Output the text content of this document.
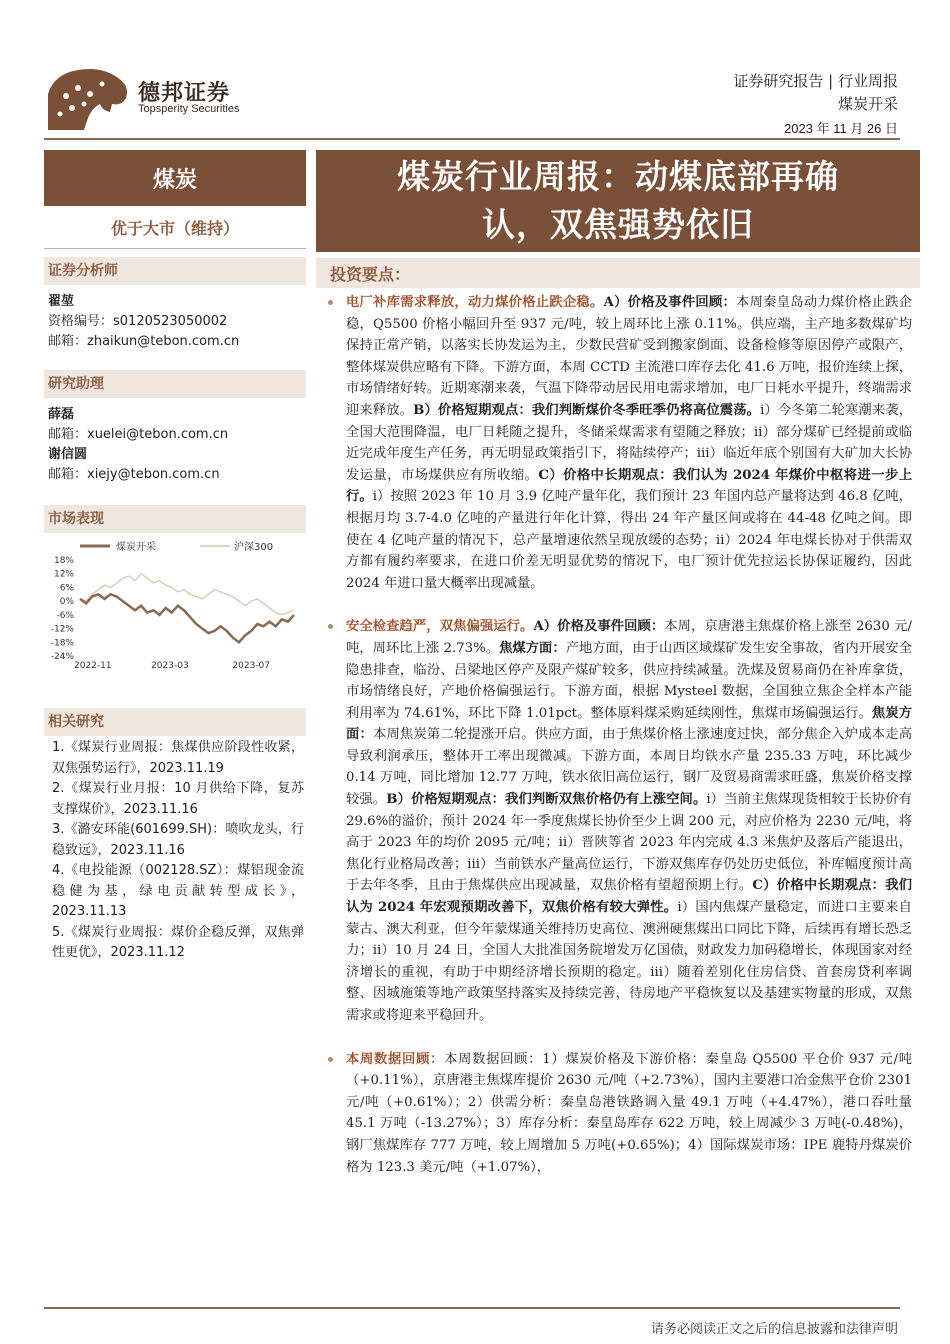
德邦证券
Topsperity Securities
证券研究报告 | 行业周报
煤炭开采
2023 年 11 月 26 日
煤炭
优于大市（维持）
证券分析师
翟堃
资格编号：s0120523050002
邮箱：zhaikun@tebon.com.cn
研究助理
薛磊
邮箱：xuelei@tebon.com.cn
谢信圆
邮箱：xiejy@tebon.com.cn
市场表现
煤炭开采	沪深300
18%
12%
6%
0%
-6%
-12%
-18%
-24%
2022-11	2023-03	2023-07
相关研究
1.《煤炭行业周报：焦煤供应阶段性收紧，双焦强势运行》，2023.11.19
2.《煤炭行业月报：10 月供给下降，复苏支撑煤价》，2023.11.16
3.《潞安环能(601699.SH)：喷吹龙头，行稳致远》，2023.11.16
4.《电投能源（002128.SZ）：煤铝现金流稳健为基，绿电贡献转型成长》，2023.11.13
5.《煤炭行业周报：煤价企稳反弹，双焦弹性更优》，2023.11.12
煤炭行业周报：动煤底部再确
认，双焦强势依旧
投资要点：
电厂补库需求释放，动力煤价格止跌企稳。A）价格及事件回顾：本周秦皇岛动力煤价格止跌企稳，Q5500 价格小幅回升至 937 元/吨，较上周环比上涨 0.11%。供应端，主产地多数煤矿均保持正常产销，以落实长协发运为主，少数民营矿受到搬家倒面、设备检修等原因停产或限产，整体煤炭供应略有下降。下游方面，本周 CCTD 主流港口库存去化 41.6 万吨，报价连续上探，市场情绪好转。近期寒潮来袭，气温下降带动居民用电需求增加，电厂日耗水平提升，终端需求迎来释放。B）价格短期观点：我们判断煤价冬季旺季仍将高位震荡。i）今冬第二轮寒潮来袭，全国大范围降温，电厂日耗随之提升，冬储采煤需求有望随之释放；ii）部分煤矿已经提前或临近完成年度生产任务，再无明显政策指引下，将陆续停产；iii）临近年底个别国有大矿加大长协发运量，市场煤供应有所收缩。C）价格中长期观点：我们认为 2024 年煤价中枢将进一步上行。i）按照 2023 年 10 月 3.9 亿吨产量年化，我们预计 23 年国内总产量将达到 46.8 亿吨，根据月均 3.7-4.0 亿吨的产量进行年化计算，得出 24 年产量区间或将在 44-48 亿吨之间。即使在 4 亿吨产量的情况下，总产量增速依然呈现放缓的态势；ii）2024 年电煤长协对于供需双方都有履约率要求，在进口价差无明显优势的情况下，电厂预计优先拉运长协保证履约，因此 2024 年进口量大概率出现减量。
安全检查趋严，双焦偏强运行。A）价格及事件回顾：本周，京唐港主焦煤价格上涨至 2630 元/吨，周环比上涨 2.73%。焦煤方面：产地方面，由于山西区域煤矿发生安全事故，省内开展安全隐患排查，临汾、吕梁地区停产及限产煤矿较多，供应持续减量。洗煤及贸易商仍在补库拿货，市场情绪良好，产地价格偏强运行。下游方面，根据 Mysteel 数据，全国独立焦企全样本产能利用率为 74.61%，环比下降 1.01pct。整体原料煤采购延续刚性，焦煤市场偏强运行。焦炭方面：本周焦炭第二轮提涨开启。供应方面，由于焦煤价格上涨速度过快，部分焦企入炉成本走高导致利润承压，整体开工率出现微减。下游方面，本周日均铁水产量 235.33 万吨，环比减少 0.14 万吨，同比增加 12.77 万吨，铁水依旧高位运行，钢厂及贸易商需求旺盛，焦炭价格支撑较强。B）价格短期观点：我们判断双焦价格仍有上涨空间。i）当前主焦煤现货相较于长协价有 29.6%的溢价，预计 2024 年一季度焦煤长协价至少上调 200 元，对应价格为 2230 元/吨，将高于 2023 年的均价 2095 元/吨；ii）晋陕等省 2023 年内完成 4.3 米焦炉及落后产能退出，焦化行业格局改善；iii）当前铁水产量高位运行，下游双焦库存仍处历史低位，补库幅度预计高于去年冬季，且由于焦煤供应出现减量，双焦价格有望超预期上行。C）价格中长期观点：我们认为 2024 年宏观预期改善下，双焦价格有较大弹性。i）国内焦煤产量稳定，而进口主要来自蒙古、澳大利亚，但今年蒙煤通关维持历史高位、澳洲硬焦煤出口同比下降，后续再有增长恐乏力；ii）10 月 24 日，全国人大批准国务院增发万亿国债，财政发力加码稳增长，体现国家对经济增长的重视，有助于中期经济增长预期的稳定。iii）随着差别化住房信贷、首套房贷利率调整、因城施策等地产政策坚持落实及持续完善，待房地产平稳恢复以及基建实物量的形成，双焦需求或将迎来平稳回升。
本周数据回顾：本周数据回顾：1）煤炭价格及下游价格：秦皇岛 Q5500 平仓价 937 元/吨（+0.11%），京唐港主焦煤库提价 2630 元/吨（+2.73%），国内主要港口冶金焦平仓价 2301 元/吨（+0.61%）；2）供需分析：秦皇岛港铁路调入量 49.1 万吨（+4.47%），港口吞吐量 45.1 万吨（-13.27%）；3）库存分析：秦皇岛库存 622 万吨，较上周减少 3 万吨(-0.48%)，钢厂焦煤库存 777 万吨，较上周增加 5 万吨(+0.65%)；4）国际煤炭市场：IPE 鹿特丹煤炭价格为 123.3 美元/吨（+1.07%），
请务必阅读正文之后的信息披露和法律声明
